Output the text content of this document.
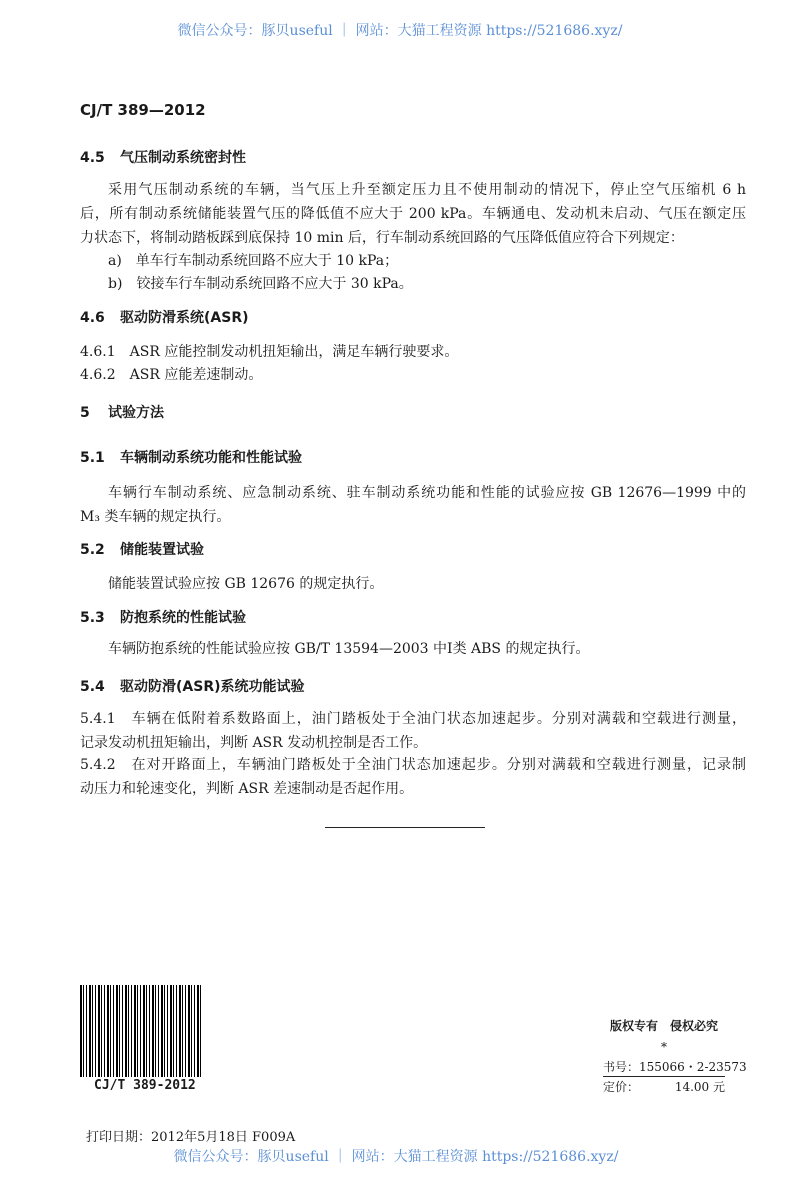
微信公众号：豚贝useful ｜ 网站：大猫工程资源 https://521686.xyz/
CJ/T 389—2012
4.5 气压制动系统密封性
采用气压制动系统的车辆，当气压上升至额定压力且不使用制动的情况下，停止空气压缩机 6 h
后，所有制动系统储能装置气压的降低值不应大于 200 kPa。车辆通电、发动机未启动、气压在额定压
力状态下，将制动踏板踩到底保持 10 min 后，行车制动系统回路的气压降低值应符合下列规定：
a)　单车行车制动系统回路不应大于 10 kPa；
b)　铰接车行车制动系统回路不应大于 30 kPa。
4.6 驱动防滑系统(ASR)
4.6.1　ASR 应能控制发动机扭矩输出，满足车辆行驶要求。
4.6.2　ASR 应能差速制动。
5 试验方法
5.1 车辆制动系统功能和性能试验
车辆行车制动系统、应急制动系统、驻车制动系统功能和性能的试验应按 GB 12676—1999 中的
M₃ 类车辆的规定执行。
5.2 储能装置试验
储能装置试验应按 GB 12676 的规定执行。
5.3 防抱系统的性能试验
车辆防抱系统的性能试验应按 GB/T 13594—2003 中Ⅰ类 ABS 的规定执行。
5.4 驱动防滑(ASR)系统功能试验
5.4.1　车辆在低附着系数路面上，油门踏板处于全油门状态加速起步。分别对满载和空载进行测量，
记录发动机扭矩输出，判断 ASR 发动机控制是否工作。
5.4.2　在对开路面上，车辆油门踏板处于全油门状态加速起步。分别对满载和空载进行测量，记录制
动压力和轮速变化，判断 ASR 差速制动是否起作用。
CJ/T 389-2012
版权专有　侵权必究
*
书号：155066・2-23573
定价：	14.00 元
打印日期：2012年5月18日 F009A
微信公众号：豚贝useful ｜ 网站：大猫工程资源 https://521686.xyz/
